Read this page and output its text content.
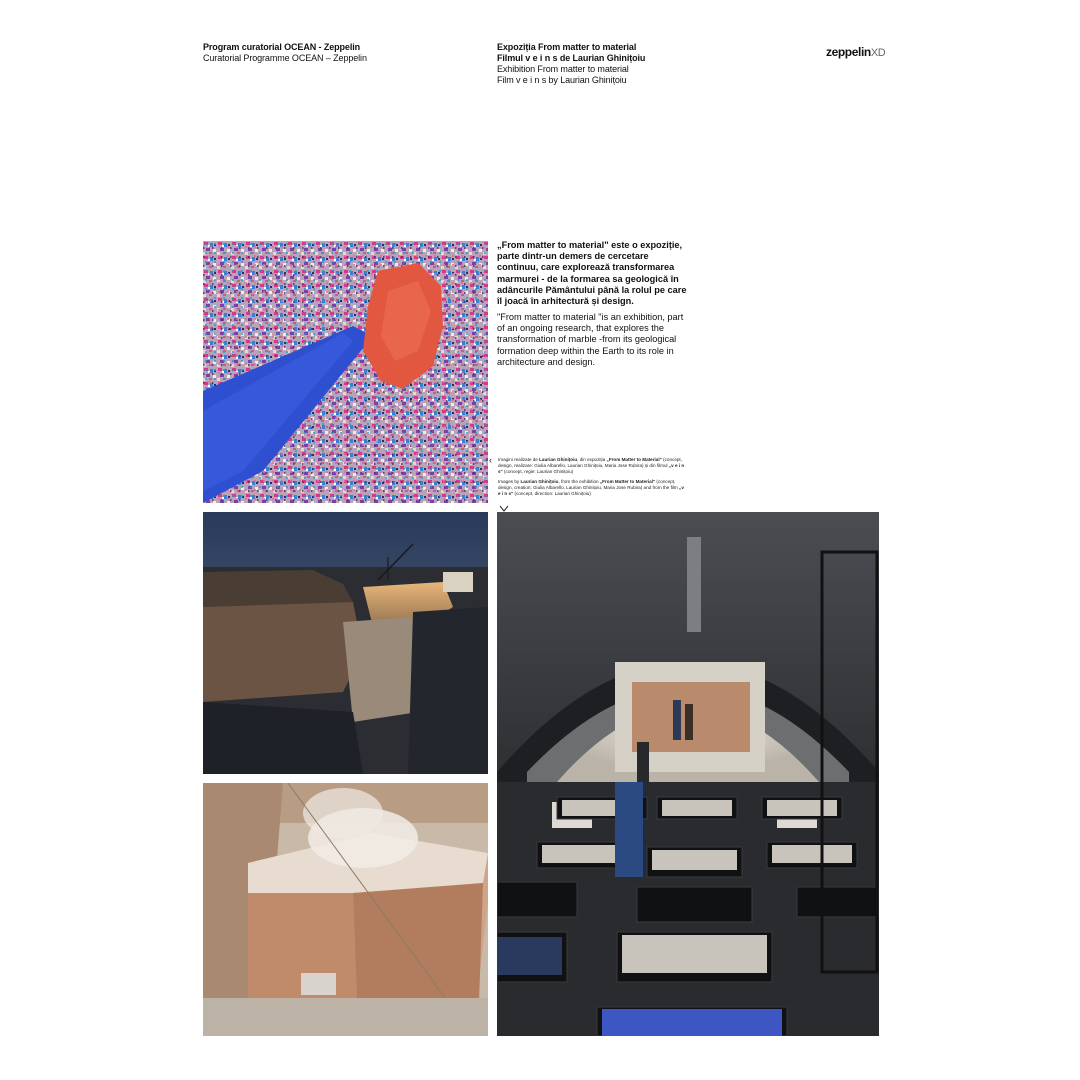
Program curatorial OCEAN - Zeppelin
Curatorial Programme OCEAN – Zeppelin
Expoziția From matter to material
Filmul v e i n s de Laurian Ghinițoiu
Exhibition From matter to material
Film v e i n s by Laurian Ghinițoiu
zeppelinXD
„From matter to material" este o expoziție, parte dintr-un demers de cercetare continuu, care explorează transformarea marmurei - de la formarea sa geologică în adâncurile Pământului până la rolul pe care îl joacă în arhitectură și design.
"From matter to material "is an exhibition, part of an ongoing research, that explores the transformation of marble -from its geological formation deep within the Earth to its role in architecture and design.
‹ Imagini realizate de Laurian Ghinițoiu, din expoziția „From Matter to Material" (concept, design, realizare: Giulia Albarello, Laurian Ghinițoiu, Maria Jose Rubira) și din filmul „v e i n s" (concept, regie: Laurian Ghinițoiu)
Images by Laurian Ghinițoiu, from the exhibition „From Matter to Material" (concept, design, creation: Giulia Albarello, Laurian Ghinițoiu, Maria Jose Rubira) and from the film „v e i n s" (concept, direction: Laurian Ghinițoiu)
